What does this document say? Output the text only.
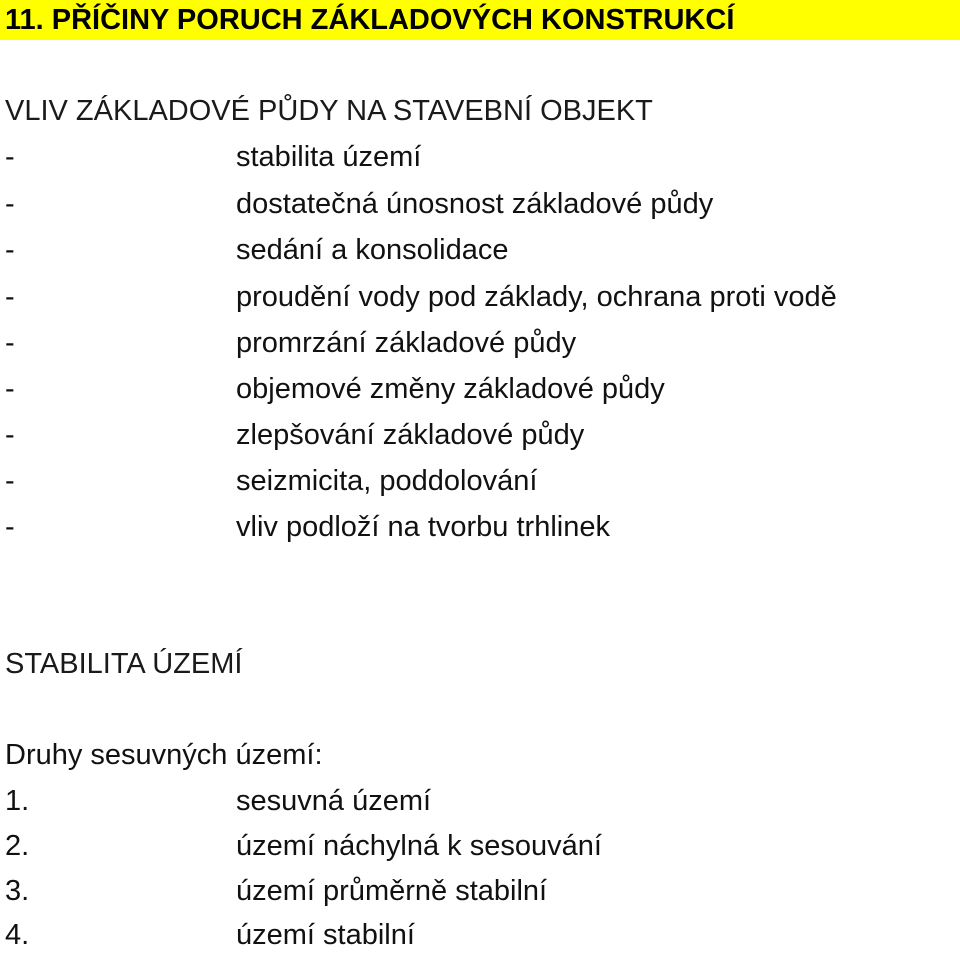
11. PŘÍČINY PORUCH ZÁKLADOVÝCH KONSTRUKCÍ
VLIV ZÁKLADOVÉ PŮDY NA STAVEBNÍ OBJEKT
-	stabilita území
-	dostatečná únosnost základové půdy
-	sedání a konsolidace
-	proudění vody pod základy, ochrana proti vodě
-	promrzání základové půdy
-	objemové změny základové půdy
-	zlepšování základové půdy
-	seizmicita, poddolování
-	vliv podloží na tvorbu trhlinek
STABILITA ÚZEMÍ
Druhy sesuvných území:
1.	sesuvná území
2.	území náchylná k sesouvání
3.	území průměrně stabilní
4.	území stabilní
